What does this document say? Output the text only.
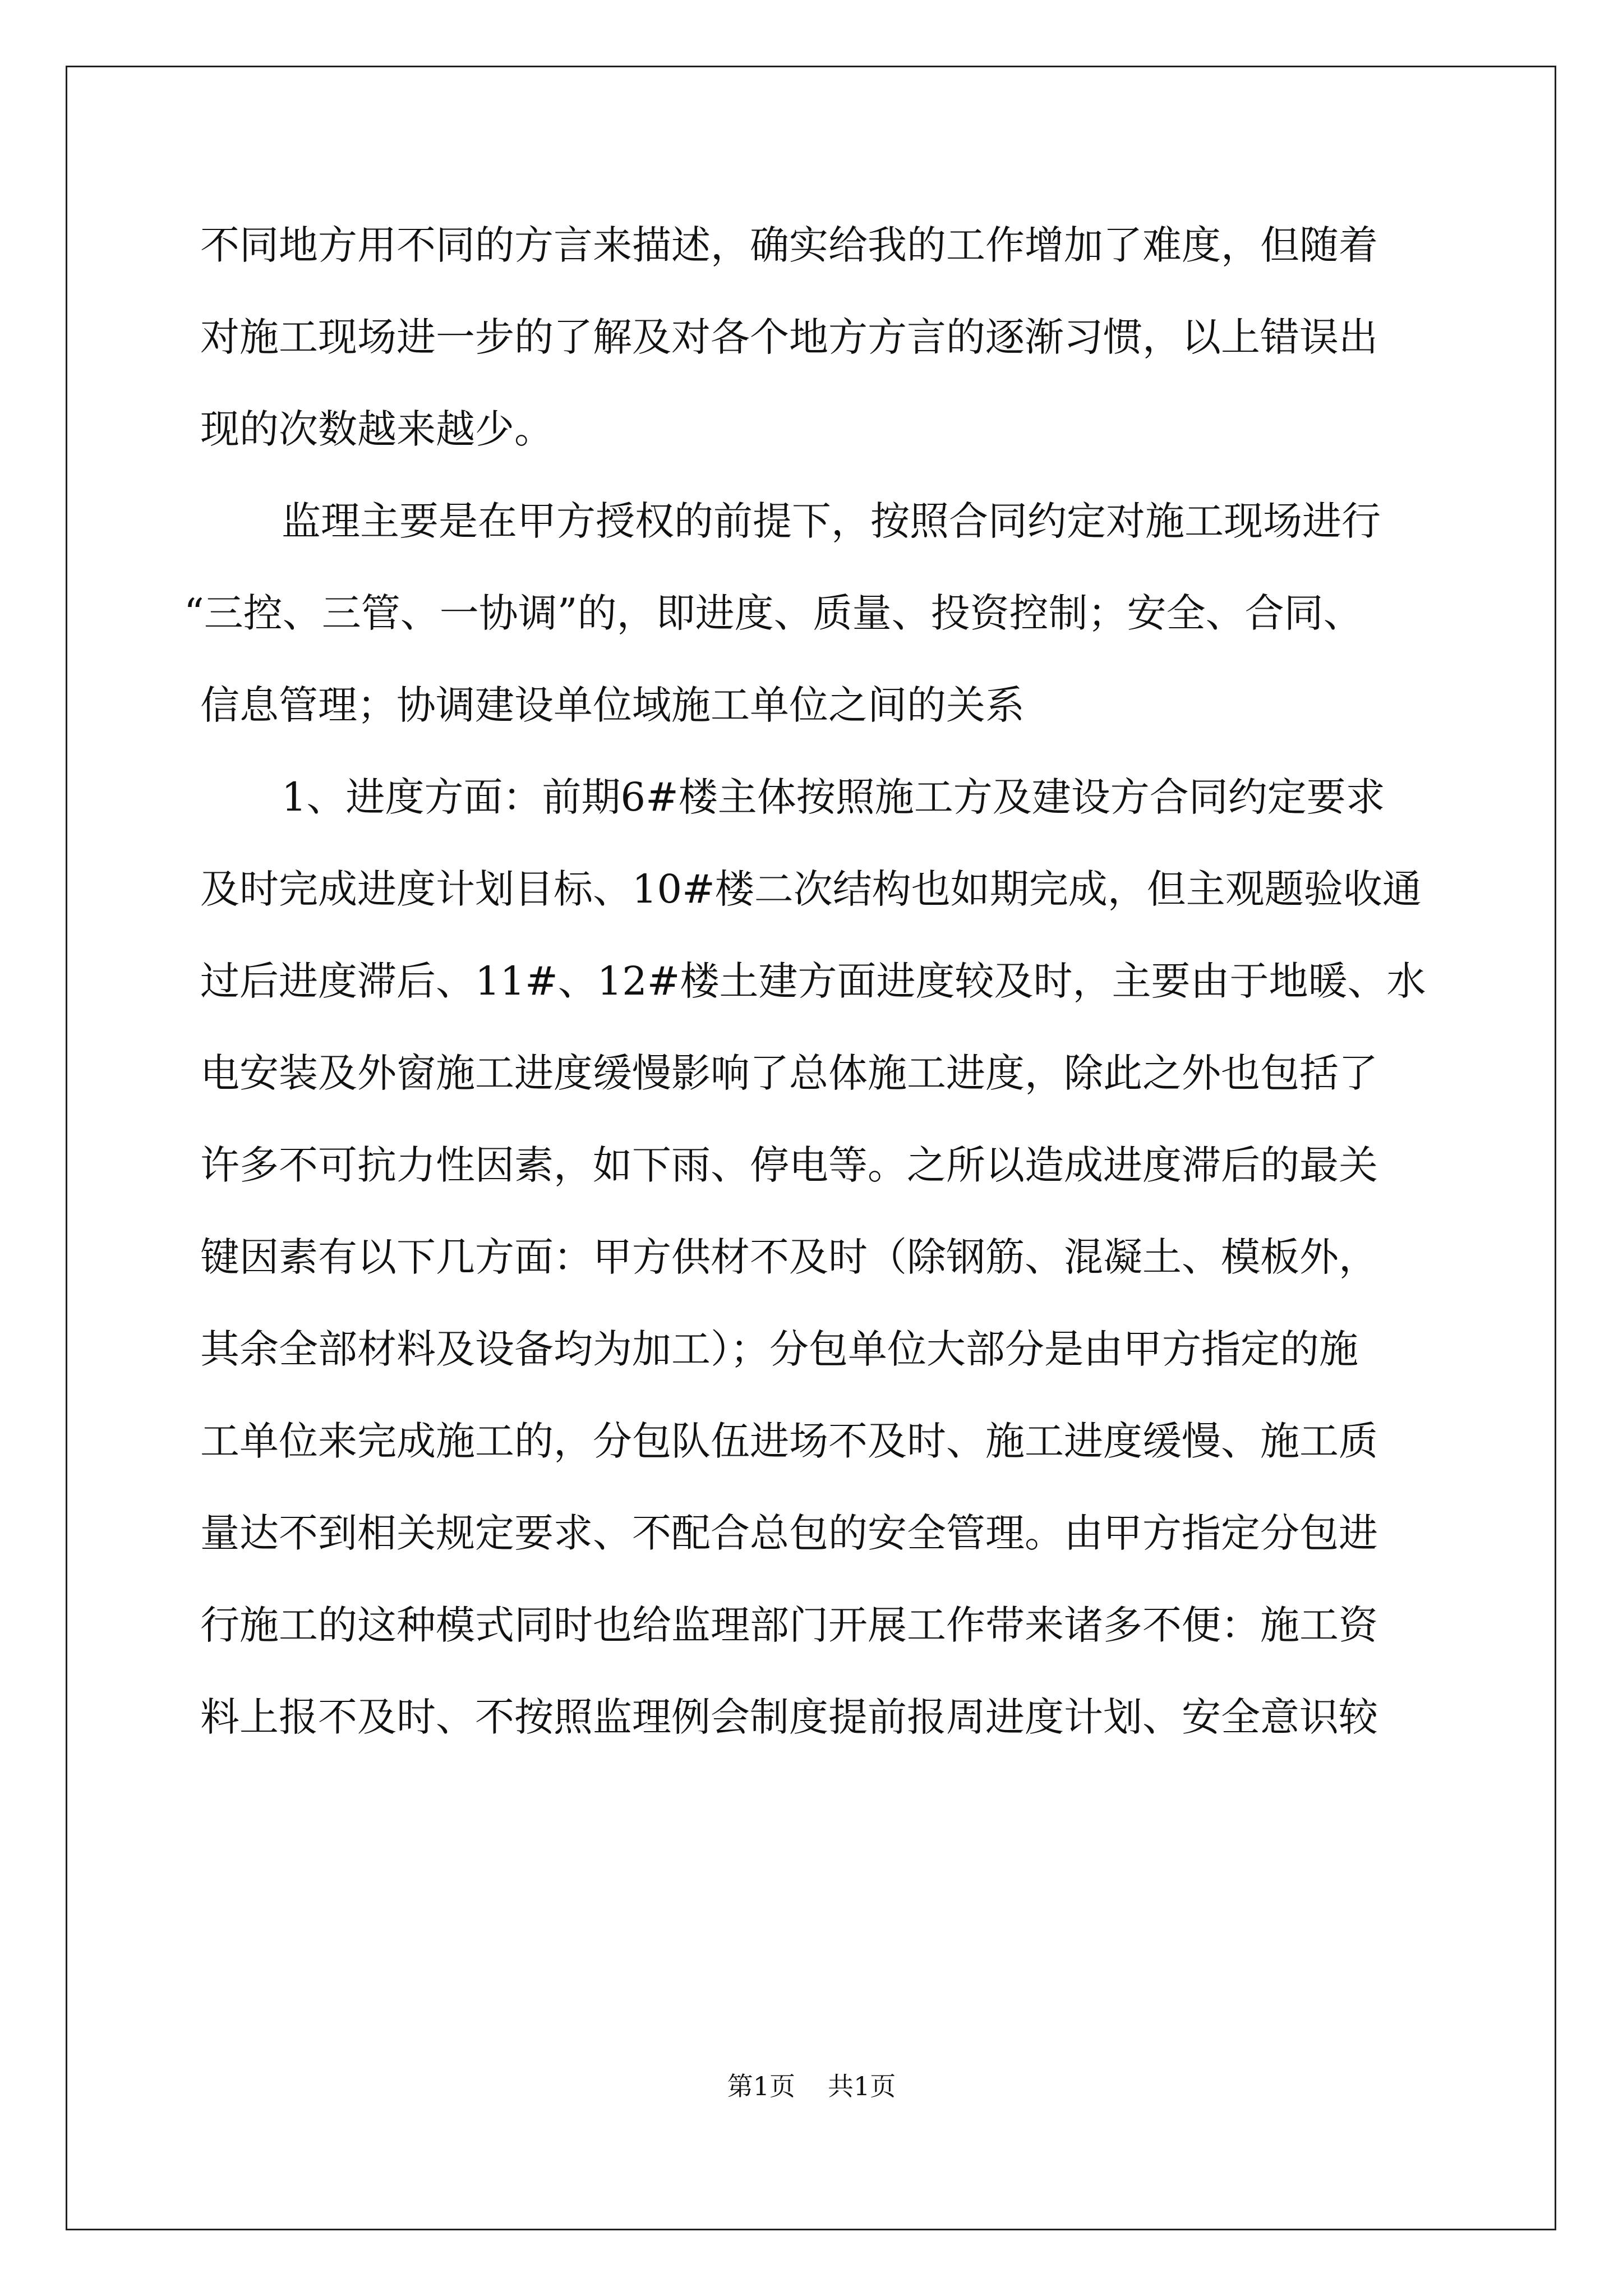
不同地方用不同的方言来描述，确实给我的工作增加了难度，但随着
对施工现场进一步的了解及对各个地方方言的逐渐习惯，以上错误出
现的次数越来越少。
监理主要是在甲方授权的前提下，按照合同约定对施工现场进行
“三控、三管、一协调”的，即进度、质量、投资控制；安全、合同、
信息管理；协调建设单位域施工单位之间的关系
1、进度方面：前期6#楼主体按照施工方及建设方合同约定要求
及时完成进度计划目标、10#楼二次结构也如期完成，但主观题验收通
过后进度滞后、11#、12#楼土建方面进度较及时，主要由于地暖、水
电安装及外窗施工进度缓慢影响了总体施工进度，除此之外也包括了
许多不可抗力性因素，如下雨、停电等。之所以造成进度滞后的最关
键因素有以下几方面：甲方供材不及时（除钢筋、混凝土、模板外，
其余全部材料及设备均为加工）；分包单位大部分是由甲方指定的施
工单位来完成施工的，分包队伍进场不及时、施工进度缓慢、施工质
量达不到相关规定要求、不配合总包的安全管理。由甲方指定分包进
行施工的这种模式同时也给监理部门开展工作带来诸多不便：施工资
料上报不及时、不按照监理例会制度提前报周进度计划、安全意识较
第1页 共1页
